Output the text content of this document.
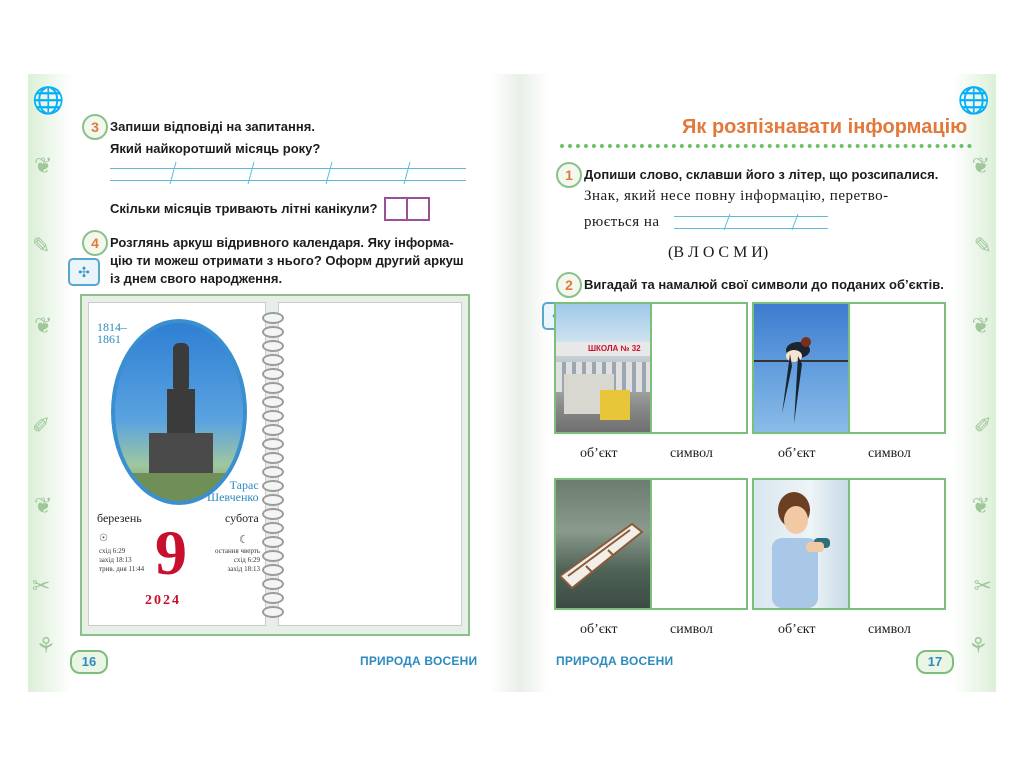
🌐
❦
✎
❦
✐
❦
✂
⚘
3 Запиши відповіді на запитання.
Який найкоротший місяць року?
Скільки місяців тривають літні канікули?
4 Розглянь аркуш відривного календаря. Яку інформа-
цію ти можеш отримати з нього? Оформ другий аркуш
із днем свого народження.
✣
1814–
1861
Тарас
Шевченко
березень	субота
☉	☾
схід 6:29
захід 18:13
трив. дня 11:44
остання чверть
схід 6:29
захід 18:13
9
2024
16	ПРИРОДА ВОСЕНИ
🌐
❦
✎
❦
✐
❦
✂
⚘
Як розпізнавати інформацію
1 Допиши слово, склавши його з літер, що розсипалися.
Знак, який несе повну інформацію, перетво-
рюється на
(В Л О С М И)
2 Вигадай та намалюй свої символи до поданих об’єктів.
ШКОЛА № 32
об’єкт	символ	об’єкт	символ
об’єкт	символ	об’єкт	символ
ПРИРОДА ВОСЕНИ	17
